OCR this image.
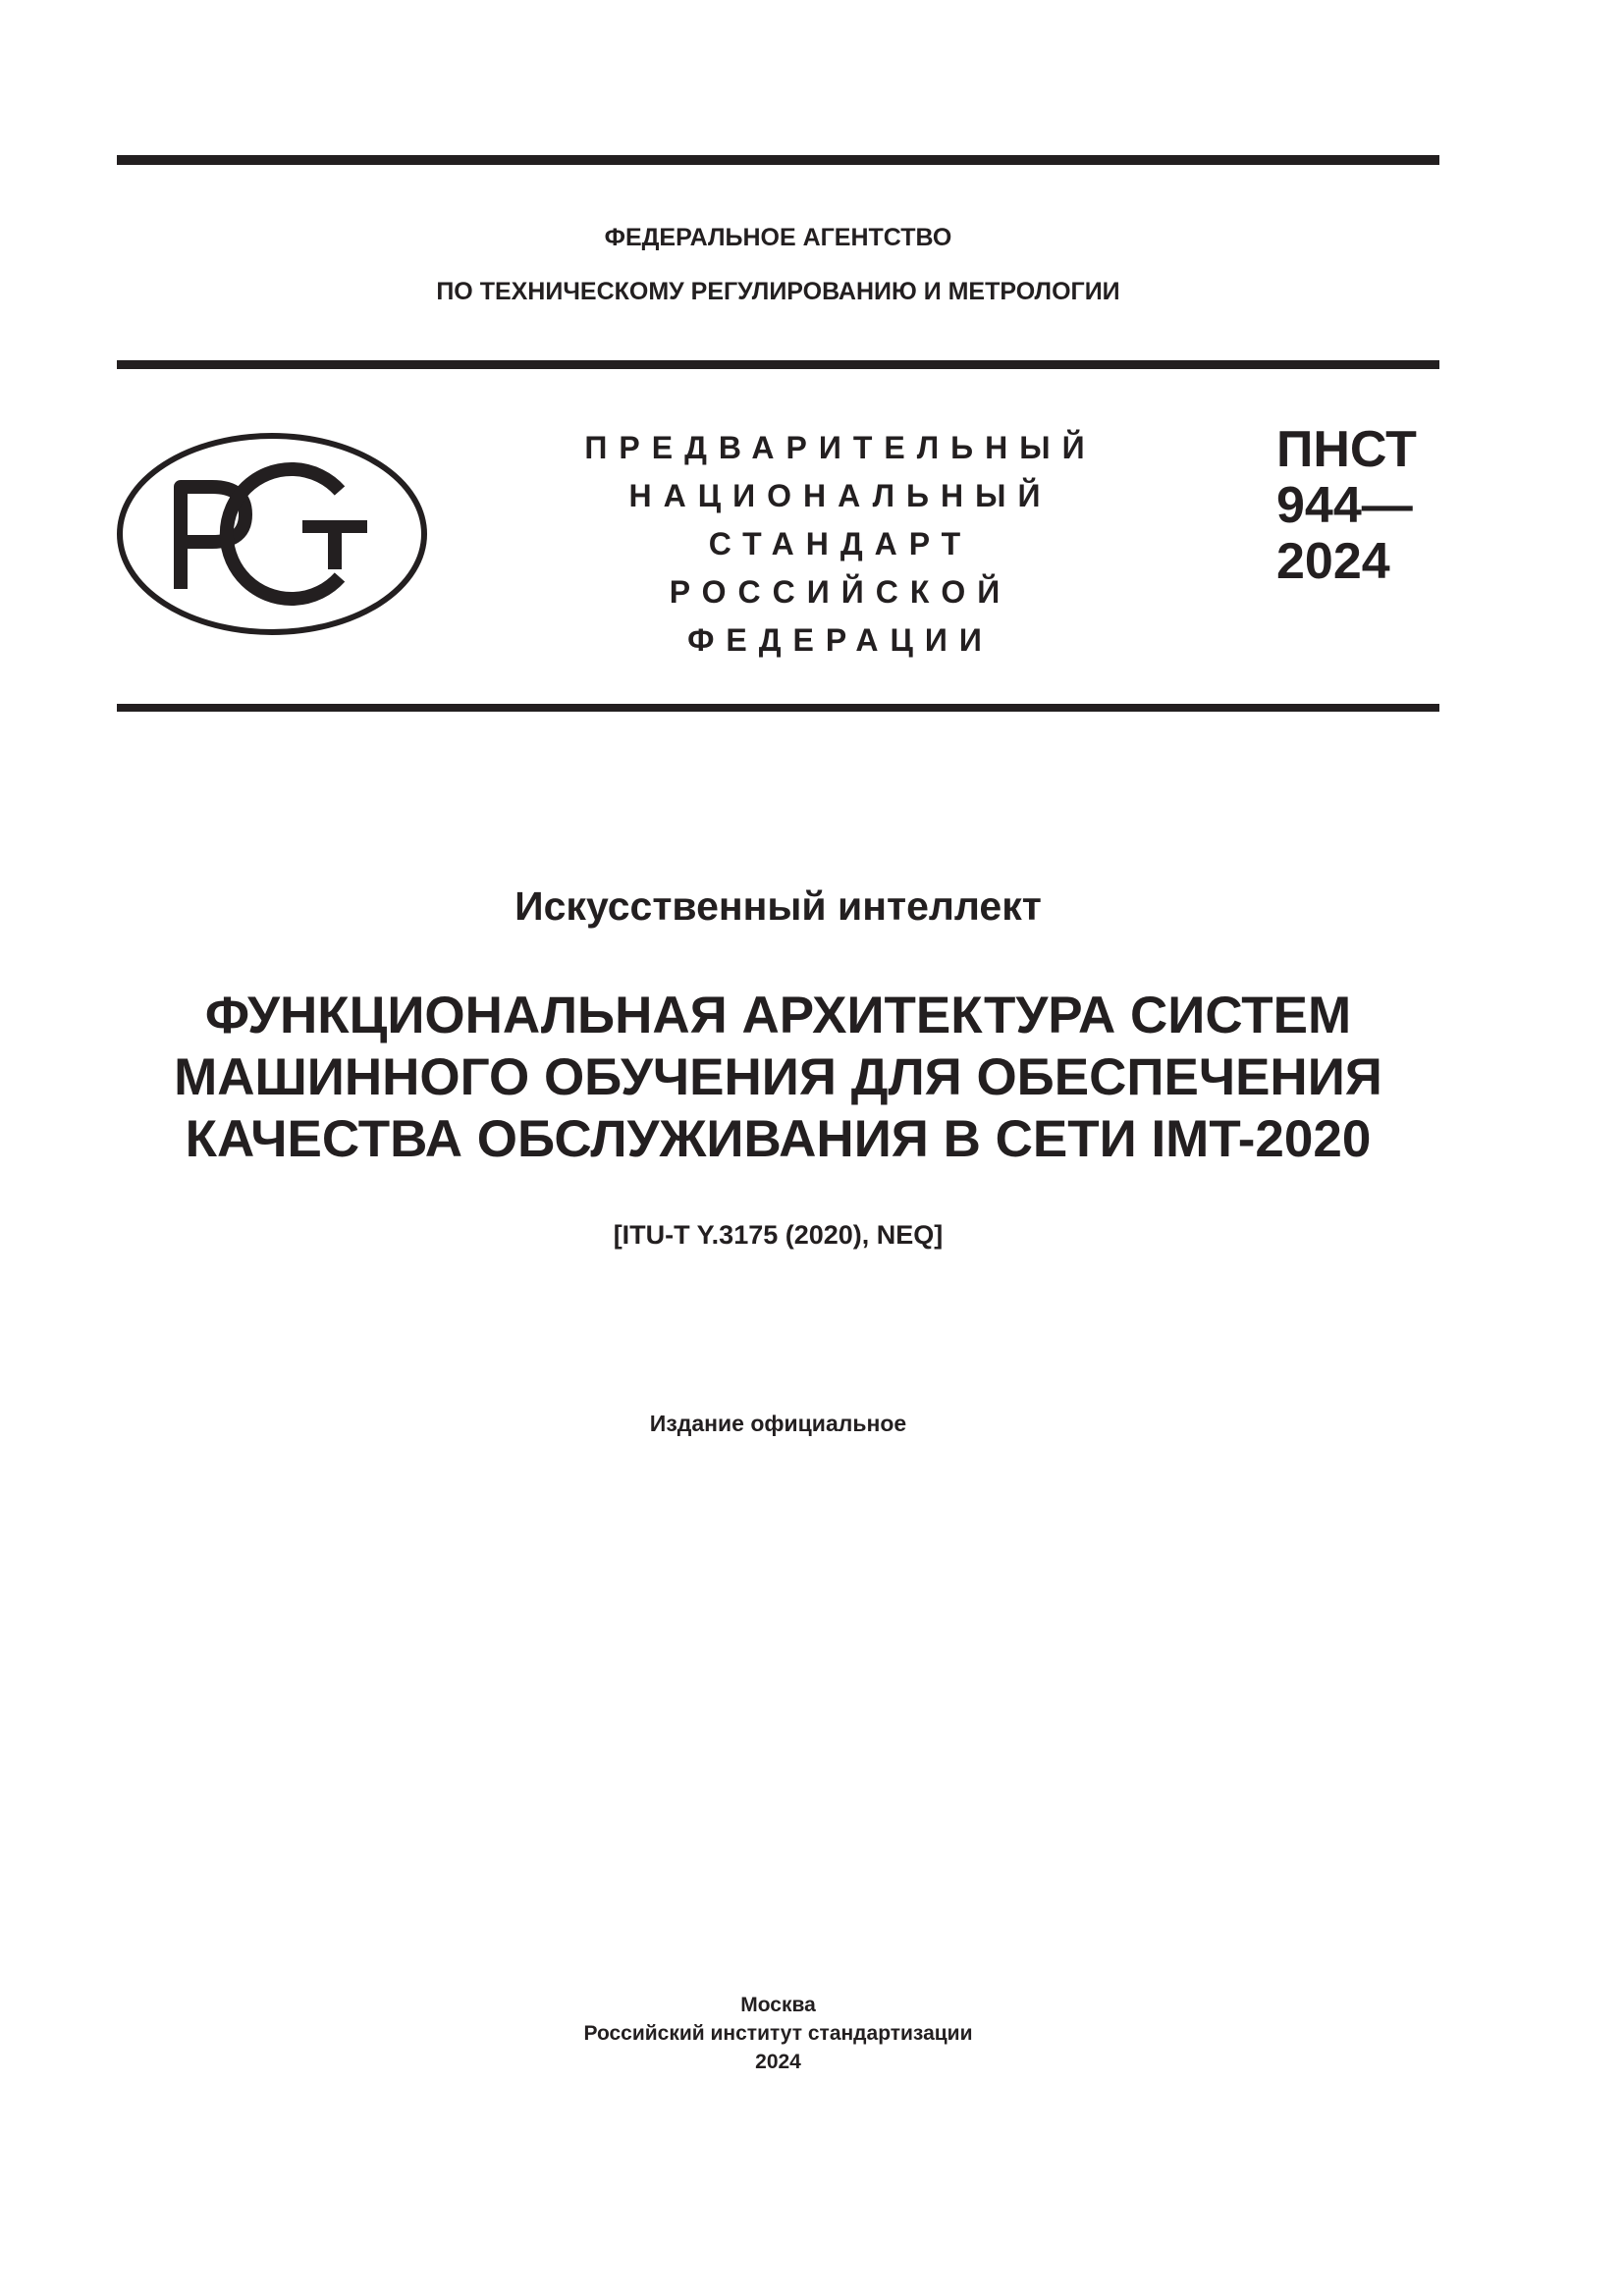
ФЕДЕРАЛЬНОЕ АГЕНТСТВО
ПО ТЕХНИЧЕСКОМУ РЕГУЛИРОВАНИЮ И МЕТРОЛОГИИ
ПРЕДВАРИТЕЛЬНЫЙ
НАЦИОНАЛЬНЫЙ
СТАНДАРТ
РОССИЙСКОЙ
ФЕДЕРАЦИИ
ПНСТ
944—
2024
Искусственный интеллект
ФУНКЦИОНАЛЬНАЯ АРХИТЕКТУРА СИСТЕМ
МАШИННОГО ОБУЧЕНИЯ ДЛЯ ОБЕСПЕЧЕНИЯ
КАЧЕСТВА ОБСЛУЖИВАНИЯ В СЕТИ IMT-2020
[ITU-T Y.3175 (2020), NEQ]
Издание официальное
Москва
Российский институт стандартизации
2024
